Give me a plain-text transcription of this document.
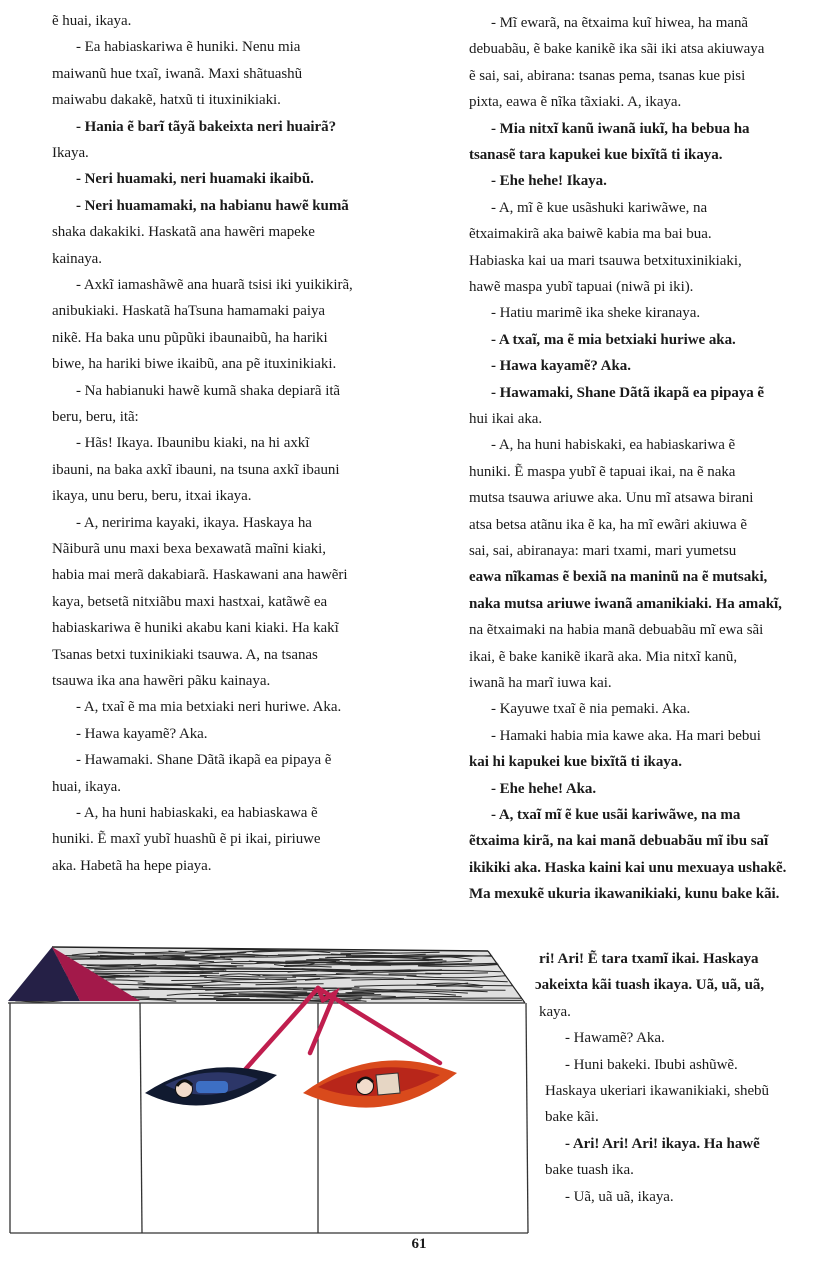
ẽ huai, ikaya.
- Ea habiaskariwa ẽ huniki. Nenu mia
maiwanũ hue txaĩ, iwanã. Maxi shãtuashũ
maiwabu dakakẽ, hatxũ ti ituxinikiaki.
- Hania ẽ barĩ tãyã bakeixta neri huairã?
Ikaya.
- Neri huamaki, neri huamaki ikaibũ.
- Neri huamamaki, na habianu hawẽ kumã
shaka dakakiki. Haskatã ana hawẽri mapeke
kainaya.
- Axkĩ iamashãwẽ ana huarã tsisi iki yuikikirã,
anibukiaki. Haskatã haTsuna hamamaki paiya
nikẽ. Ha baka unu pũpũki ibaunaibũ, ha hariki
biwe, ha hariki biwe ikaibũ, ana pẽ ituxinikiaki.
- Na habianuki hawẽ kumã shaka depiarã itã
beru, beru, itã:
- Hãs! Ikaya. Ibaunibu kiaki, na hi axkĩ
ibauni, na baka axkĩ ibauni, na tsuna axkĩ ibauni
ikaya, unu beru, beru, itxai ikaya.
- A, neririma kayaki, ikaya. Haskaya ha
Nãiburã unu maxi bexa bexawatã maĩni kiaki,
habia mai merã dakabiarã. Haskawani ana hawẽri
kaya, betsetã nitxiãbu maxi hastxai, katãwẽ ea
habiaskariwa ẽ huniki akabu kani kiaki. Ha kakĩ
Tsanas betxi tuxinikiaki tsauwa. A, na tsanas
tsauwa ika ana hawẽri pãku kainaya.
- A, txaĩ ẽ ma mia betxiaki neri huriwe. Aka.
- Hawa kayamẽ? Aka.
- Hawamaki. Shane Dãtã ikapã ea pipaya ẽ
huai, ikaya.
- A, ha huni habiaskaki, ea habiaskawa ẽ
huniki. Ẽ maxĩ yubĩ huashũ ẽ pi ikai, piriuwe
aka. Habetã ha hepe piaya.
- Mĩ ewarã, na ẽtxaima kuĩ hiwea, ha manã
debuabãu, ẽ bake kanikẽ ika sãi iki atsa akiuwaya
ẽ sai, sai, abirana: tsanas pema, tsanas kue pisi
pixta, eawa ẽ nĩka tãxiaki. A, ikaya.
- Mia nitxĩ kanũ iwanã iukĩ, ha bebua ha
tsanasẽ tara kapukei kue bixĩtã ti ikaya.
- Ehe hehe! Ikaya.
- A, mĩ ẽ kue usãshuki kariwãwe, na
ẽtxaimakirã aka baiwẽ kabia ma bai bua.
Habiaska kai ua mari tsauwa betxituxinikiaki,
hawẽ maspa yubĩ tapuai (niwã pi iki).
- Hatiu marimẽ ika sheke kiranaya.
- A txaĩ, ma ẽ mia betxiaki huriwe aka.
- Hawa kayamẽ? Aka.
- Hawamaki, Shane Dãtã ikapã ea pipaya ẽ
hui ikai aka.
- A, ha huni habiskaki, ea habiaskariwa ẽ
huniki. Ẽ maspa yubĩ ẽ tapuai ikai, na ẽ naka
mutsa tsauwa ariuwe aka. Unu mĩ atsawa birani
atsa betsa atãnu ika ẽ ka, ha mĩ ewãri akiuwa ẽ
sai, sai, abiranaya: mari txami, mari yumetsu
eawa nĩkamas ẽ bexiã na maninũ na ẽ mutsaki,
naka mutsa ariuwe iwanã amanikiaki. Ha amakĩ,
na ẽtxaimaki na habia manã debuabãu mĩ ewa sãi
ikai, ẽ bake kanikẽ ikarã aka. Mia nitxĩ kanũ,
iwanã ha marĩ iuwa kai.
- Kayuwe txaĩ ẽ nia pemaki. Aka.
- Hamaki habia mia kawe aka. Ha mari bebui
kai hi kapukei kue bixĩtã ti ikaya.
- Ehe hehe! Aka.
- A, txaĩ mĩ ẽ kue usãi kariwãwe, na ma
ẽtxaima kirã, na kai manã debuabãu mĩ ibu saĩ
ikikiki aka. Haska kaini kai unu mexuaya ushakẽ.
Ma mexukẽ ukuria ikawanikiaki, kunu bake kãi.
ri! Ari! Ẽ tara txamĩ ikai. Haskaya
ɔakeixta kãi tuash ikaya. Uã, uã, uã,
kaya.
- Hawamẽ? Aka.
- Huni bakeki. Ibubi ashũwẽ.
Haskaya ukeriari ikawanikiaki, shebũ
bake kãi.
- Ari! Ari! Ari! ikaya. Ha hawẽ
bake tuash ika.
- Uã, uã uã, ikaya.
61
